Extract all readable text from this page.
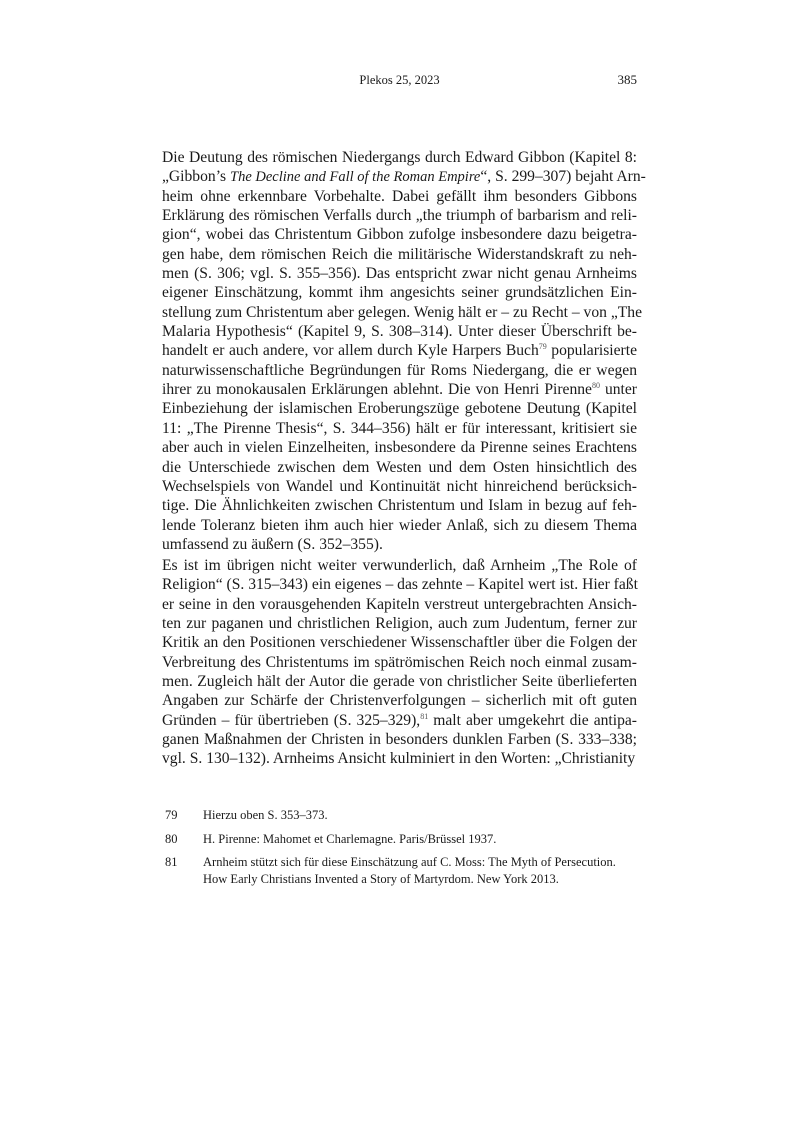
Plekos 25, 2023	385
Die Deutung des römischen Niedergangs durch Edward Gibbon (Kapitel 8:
„Gibbon’s The Decline and Fall of the Roman Empire“, S. 299–307) bejaht Arn-
heim ohne erkennbare Vorbehalte. Dabei gefällt ihm besonders Gibbons
Erklärung des römischen Verfalls durch „the triumph of barbarism and reli-
gion“, wobei das Christentum Gibbon zufolge insbesondere dazu beigetra-
gen habe, dem römischen Reich die militärische Widerstandskraft zu neh-
men (S. 306; vgl. S. 355–356). Das entspricht zwar nicht genau Arnheims
eigener Einschätzung, kommt ihm angesichts seiner grundsätzlichen Ein-
stellung zum Christentum aber gelegen. Wenig hält er – zu Recht – von „The
Malaria Hypothesis“ (Kapitel 9, S. 308–314). Unter dieser Überschrift be-
handelt er auch andere, vor allem durch Kyle Harpers Buch$^{79}$ popularisierte
naturwissenschaftliche Begründungen für Roms Niedergang, die er wegen
ihrer zu monokausalen Erklärungen ablehnt. Die von Henri Pirenne$^{80}$ unter
Einbeziehung der islamischen Eroberungszüge gebotene Deutung (Kapitel
11: „The Pirenne Thesis“, S. 344–356) hält er für interessant, kritisiert sie
aber auch in vielen Einzelheiten, insbesondere da Pirenne seines Erachtens
die Unterschiede zwischen dem Westen und dem Osten hinsichtlich des
Wechselspiels von Wandel und Kontinuität nicht hinreichend berücksich-
tige. Die Ähnlichkeiten zwischen Christentum und Islam in bezug auf feh-
lende Toleranz bieten ihm auch hier wieder Anlaß, sich zu diesem Thema
umfassend zu äußern (S. 352–355).
Es ist im übrigen nicht weiter verwunderlich, daß Arnheim „The Role of
Religion“ (S. 315–343) ein eigenes – das zehnte – Kapitel wert ist. Hier faßt
er seine in den vorausgehenden Kapiteln verstreut untergebrachten Ansich-
ten zur paganen und christlichen Religion, auch zum Judentum, ferner zur
Kritik an den Positionen verschiedener Wissenschaftler über die Folgen der
Verbreitung des Christentums im spätrömischen Reich noch einmal zusam-
men. Zugleich hält der Autor die gerade von christlicher Seite überlieferten
Angaben zur Schärfe der Christenverfolgungen – sicherlich mit oft guten
Gründen – für übertrieben (S. 325–329),$^{81}$ malt aber umgekehrt die antipa-
ganen Maßnahmen der Christen in besonders dunklen Farben (S. 333–338;
vgl. S. 130–132). Arnheims Ansicht kulminiert in den Worten: „Christianity
79 Hierzu oben S. 353–373.
80 H. Pirenne: Mahomet et Charlemagne. Paris/Brüssel 1937.
81 Arnheim stützt sich für diese Einschätzung auf C. Moss: The Myth of Persecution. How Early Christians Invented a Story of Martyrdom. New York 2013.
